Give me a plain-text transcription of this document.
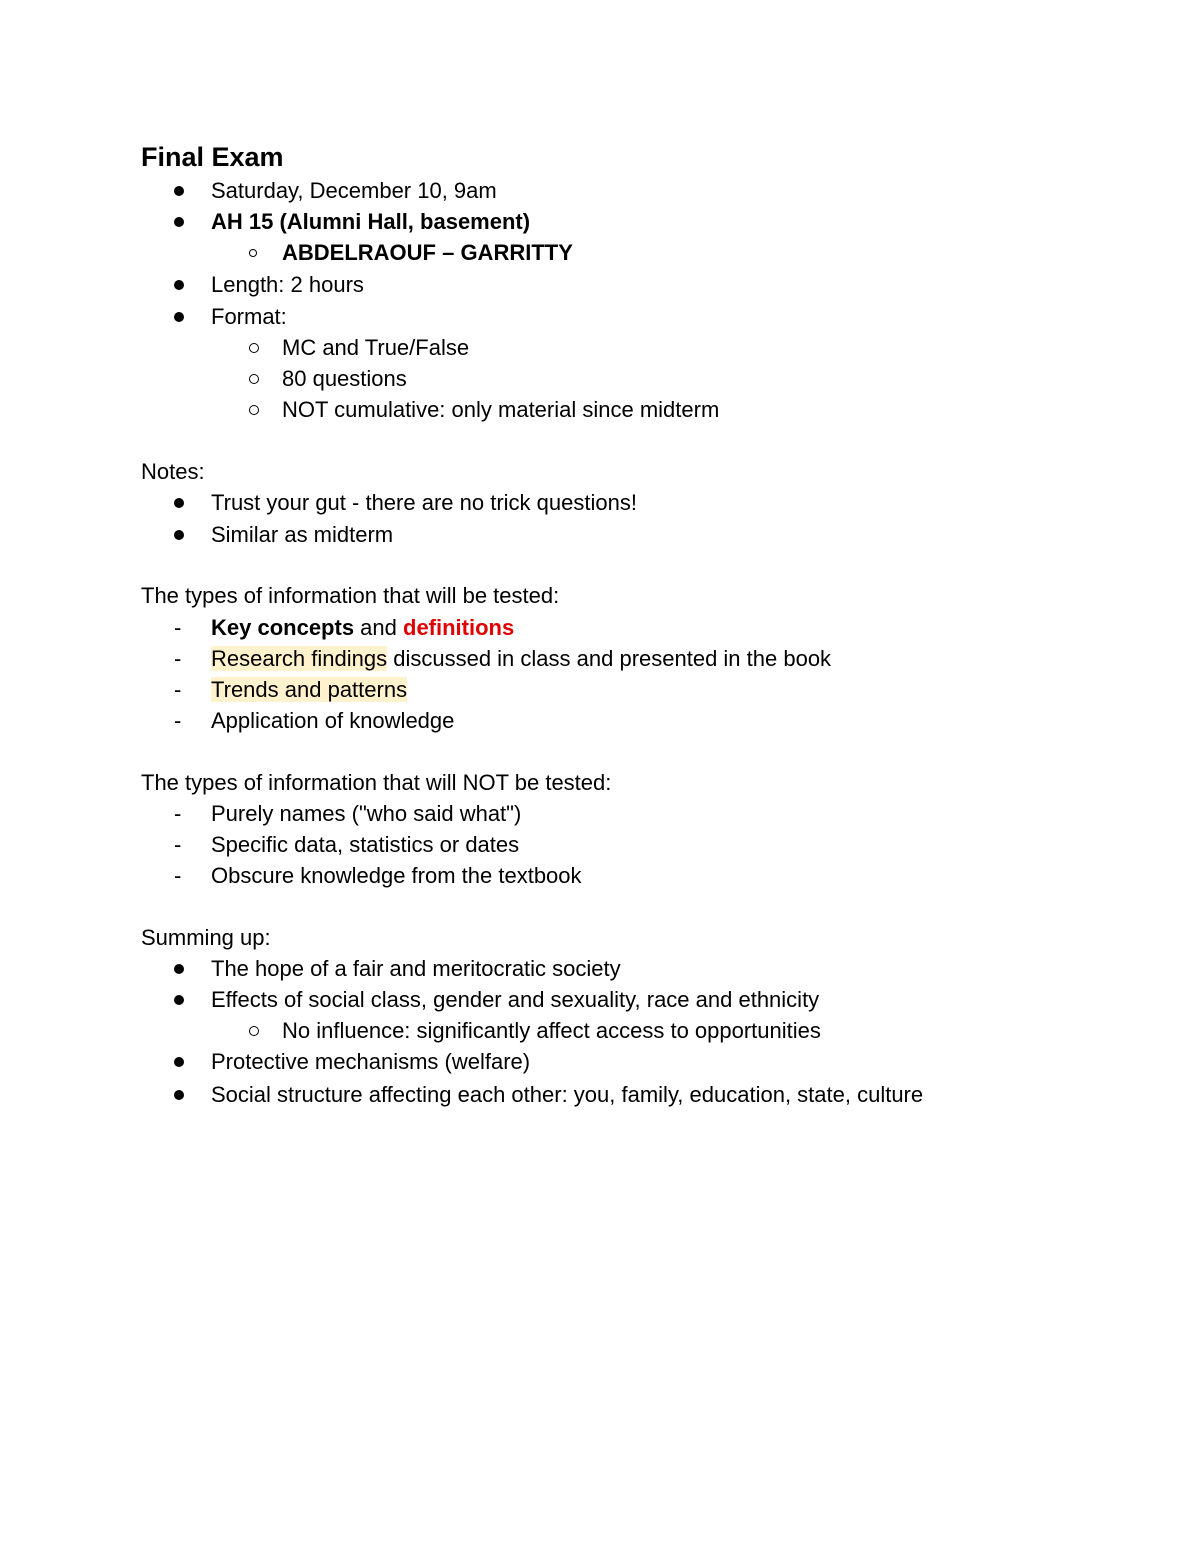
Final Exam
Saturday, December 10, 9am
AH 15 (Alumni Hall, basement)
ABDELRAOUF – GARRITTY
Length: 2 hours
Format:
MC and True/False
80 questions
NOT cumulative: only material since midterm
Notes:
Trust your gut - there are no trick questions!
Similar as midterm
The types of information that will be tested:
- Key concepts and definitions
- Research findings discussed in class and presented in the book
- Trends and patterns
- Application of knowledge
The types of information that will NOT be tested:
- Purely names ("who said what")
- Specific data, statistics or dates
- Obscure knowledge from the textbook
Summing up:
The hope of a fair and meritocratic society
Effects of social class, gender and sexuality, race and ethnicity
No influence: significantly affect access to opportunities
Protective mechanisms (welfare)
Social structure affecting each other: you, family, education, state, culture
